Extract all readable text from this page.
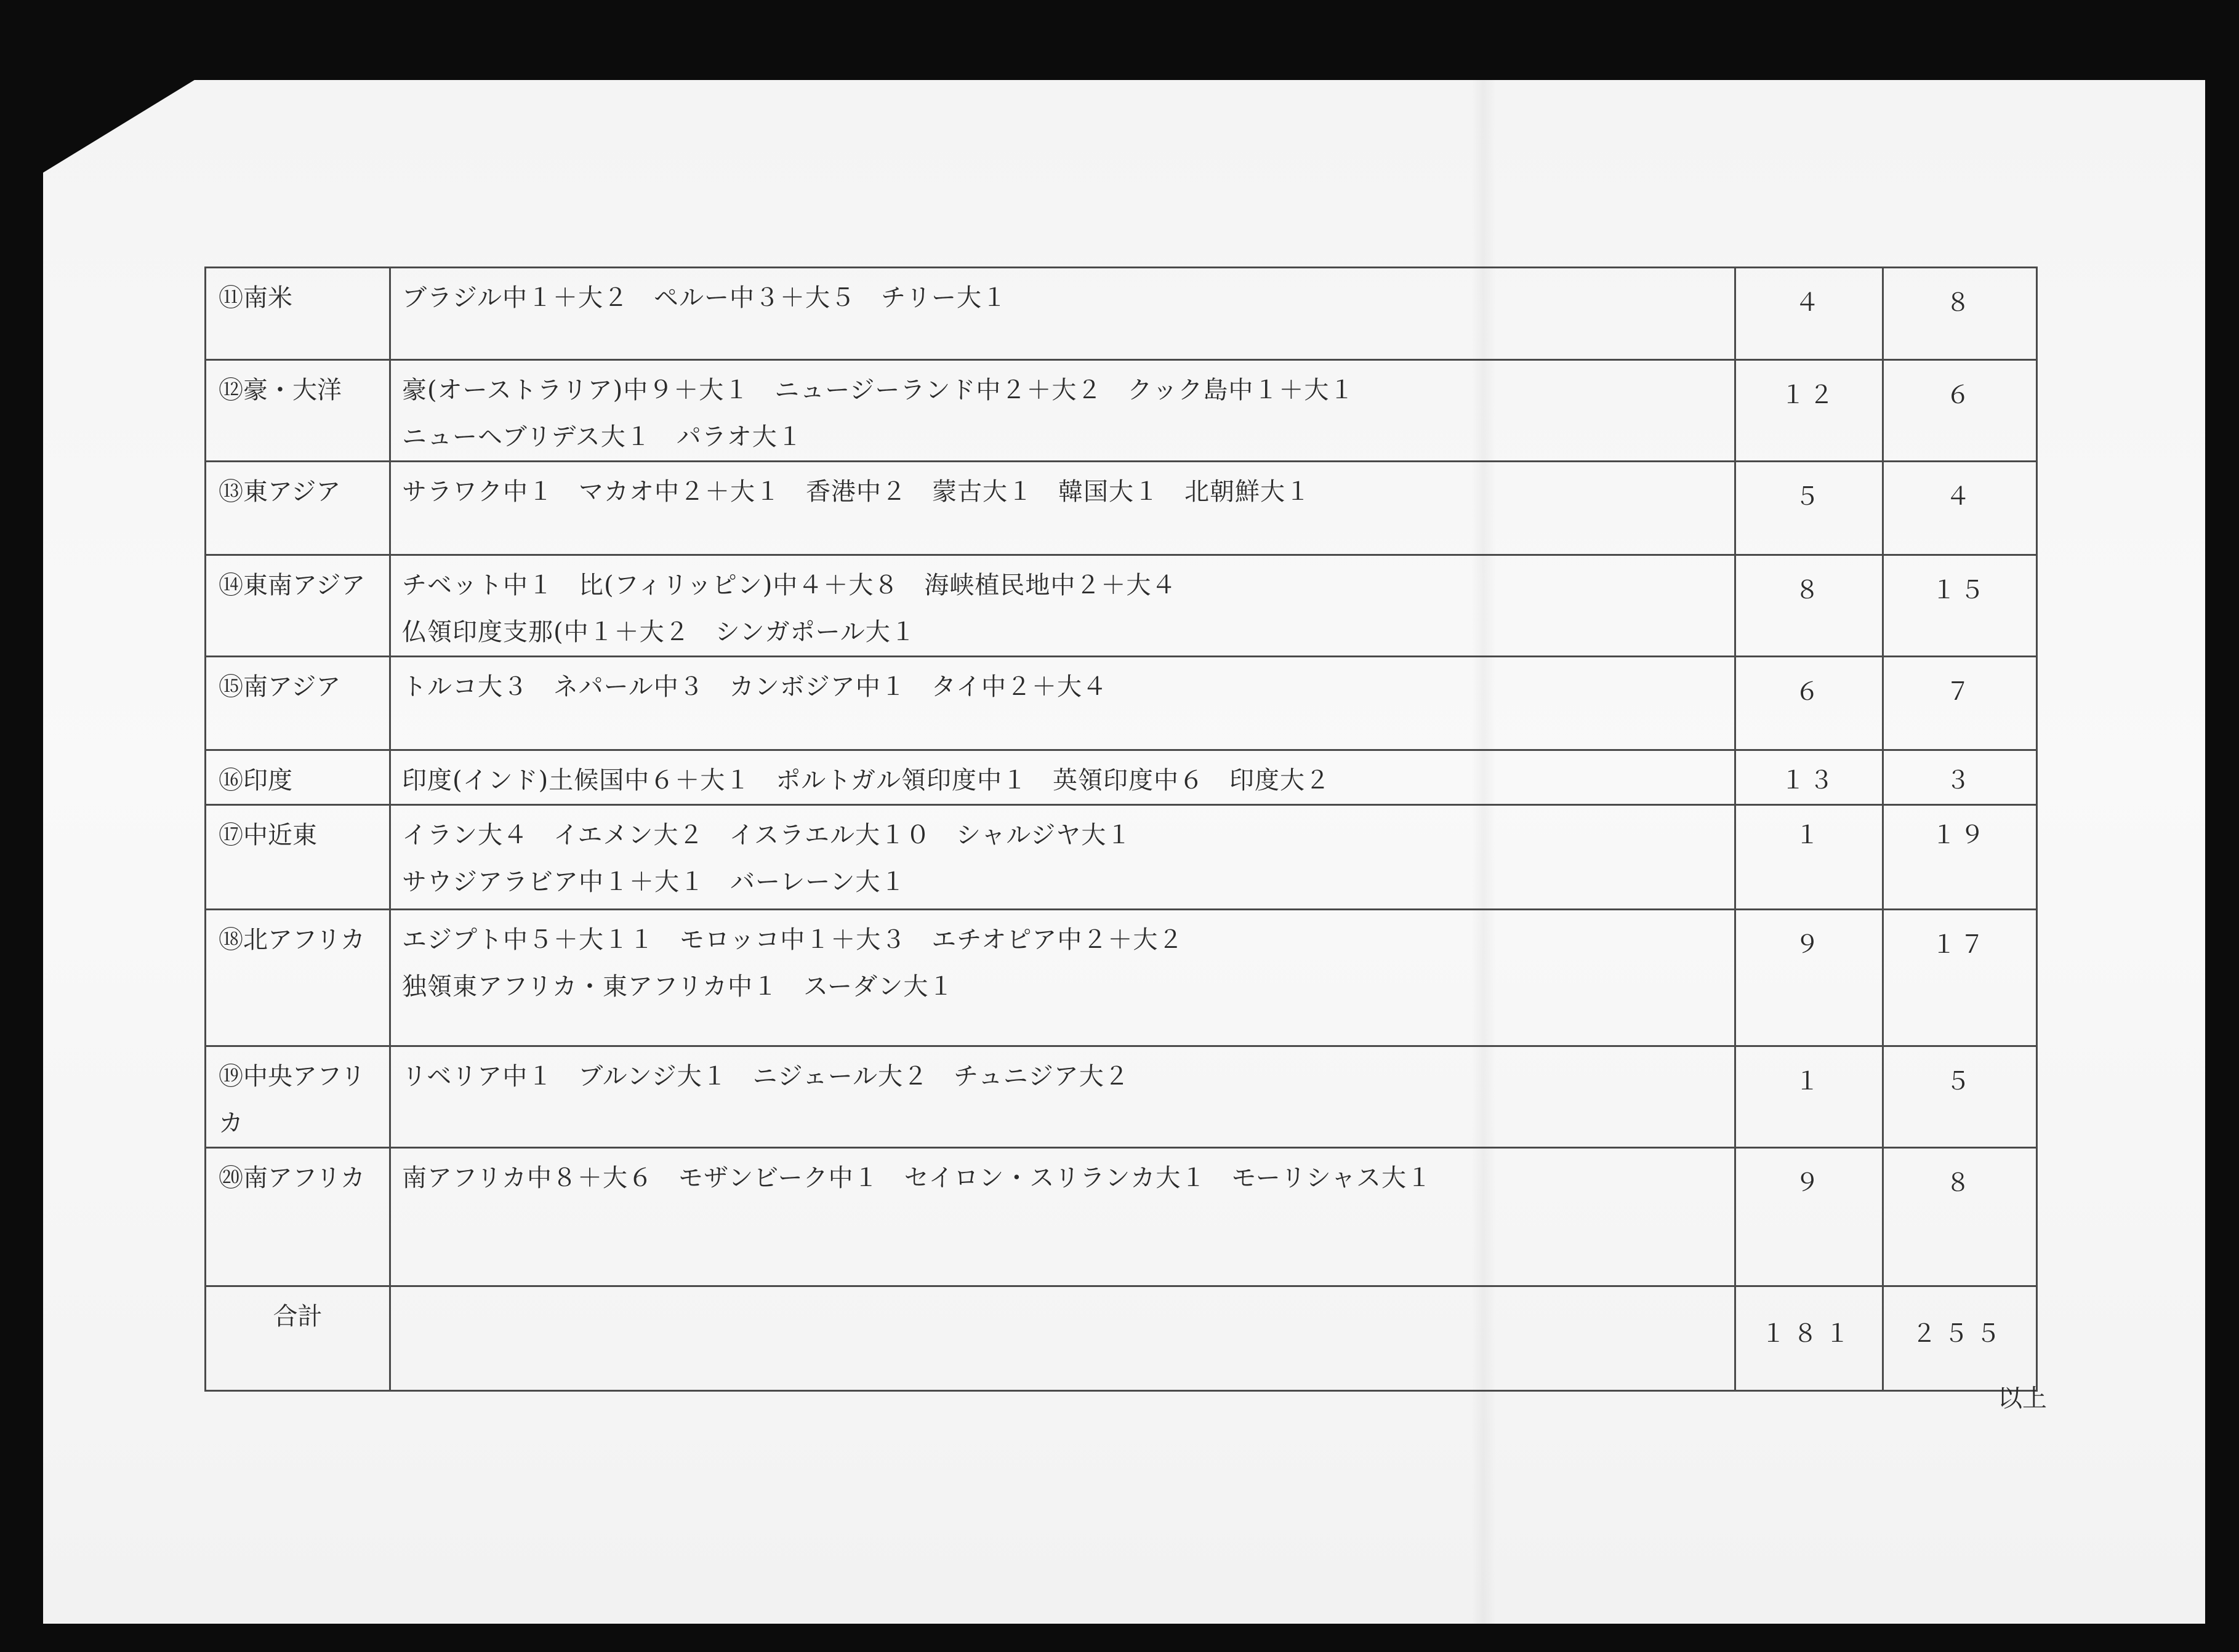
⑪南米	ブラジル中１＋大２　ペルー中３＋大５　チリー大１	４	８
⑫豪・大洋	豪(オーストラリア)中９＋大１　ニュージーランド中２＋大２　クック島中１＋大１
ニューヘブリデス大１　パラオ大１	１２	６
⑬東アジア	サラワク中１　マカオ中２＋大１　香港中２　蒙古大１　韓国大１　北朝鮮大１	５	４
⑭東南アジア	チベット中１　比(フィリッピン)中４＋大８　海峡植民地中２＋大４
仏領印度支那(中１＋大２　シンガポール大１	８	１５
⑮南アジア	トルコ大３　ネパール中３　カンボジア中１　タイ中２＋大４	６	７
⑯印度	印度(インド)土候国中６＋大１　ポルトガル領印度中１　英領印度中６　印度大２	１３	３
⑰中近東	イラン大４　イエメン大２　イスラエル大１０　シャルジヤ大１
サウジアラビア中１＋大１　バーレーン大１	１	１９
⑱北アフリカ	エジプト中５＋大１１　モロッコ中１＋大３　エチオピア中２＋大２
独領東アフリカ・東アフリカ中１　スーダン大１	９	１７
⑲中央アフリカ	リベリア中１　ブルンジ大１　ニジェール大２　チュニジア大２	１	５
⑳南アフリカ	南アフリカ中８＋大６　モザンビーク中１　セイロン・スリランカ大１　モーリシャス大１	９	８
合計		１８１	２５５
以上
